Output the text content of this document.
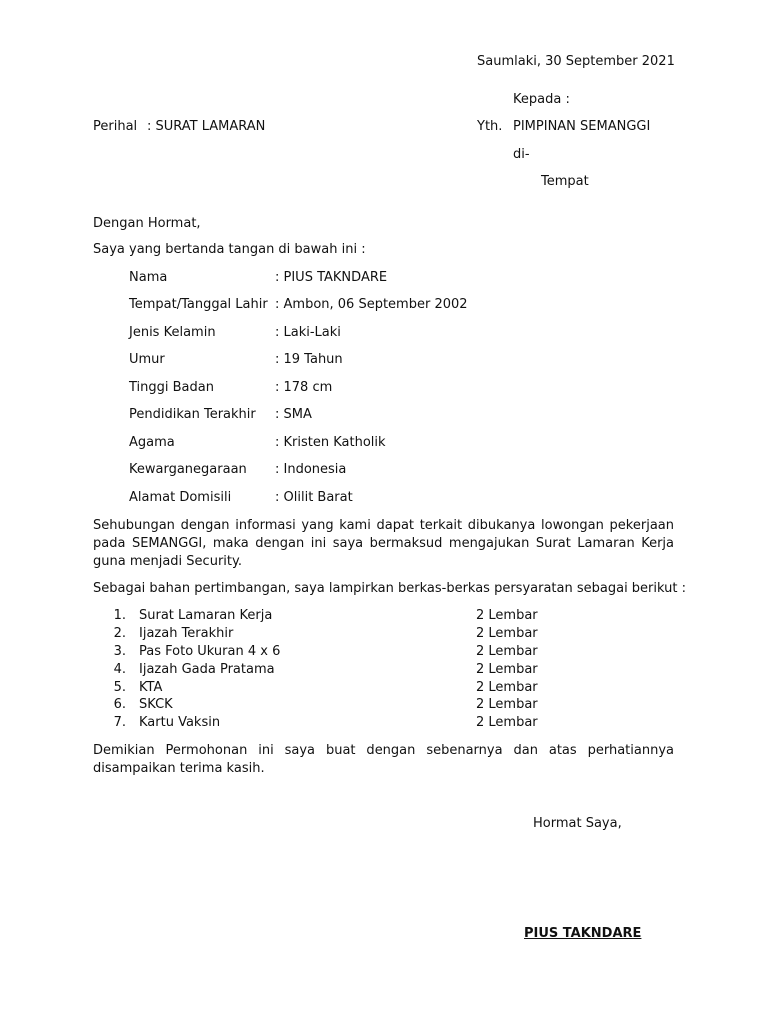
Saumlaki, 30 September 2021
Kepada :
Perihal : SURAT LAMARAN	Yth. PIMPINAN SEMANGGI
di-
Tempat
Dengan Hormat,
Saya yang bertanda tangan di bawah ini :
Nama	: PIUS TAKNDARE
Tempat/Tanggal Lahir : Ambon, 06 September 2002
Jenis Kelamin	: Laki-Laki
Umur	: 19 Tahun
Tinggi Badan	: 178 cm
Pendidikan Terakhir : SMA
Agama	: Kristen Katholik
Kewarganegaraan : Indonesia
Alamat Domisili	: Olilit Barat
Sehubungan dengan informasi yang kami dapat terkait dibukanya lowongan pekerjaan pada SEMANGGI, maka dengan ini saya bermaksud mengajukan Surat Lamaran Kerja guna menjadi Security.
Sebagai bahan pertimbangan, saya lampirkan berkas-berkas persyaratan sebagai berikut :
1. Surat Lamaran Kerja	2 Lembar
2. Ijazah Terakhir	2 Lembar
3. Pas Foto Ukuran 4 x 6	2 Lembar
4. Ijazah Gada Pratama	2 Lembar
5. KTA	2 Lembar
6. SKCK	2 Lembar
7. Kartu Vaksin	2 Lembar
Demikian Permohonan ini saya buat dengan sebenarnya dan atas perhatiannya disampaikan terima kasih.
Hormat Saya,
PIUS TAKNDARE
